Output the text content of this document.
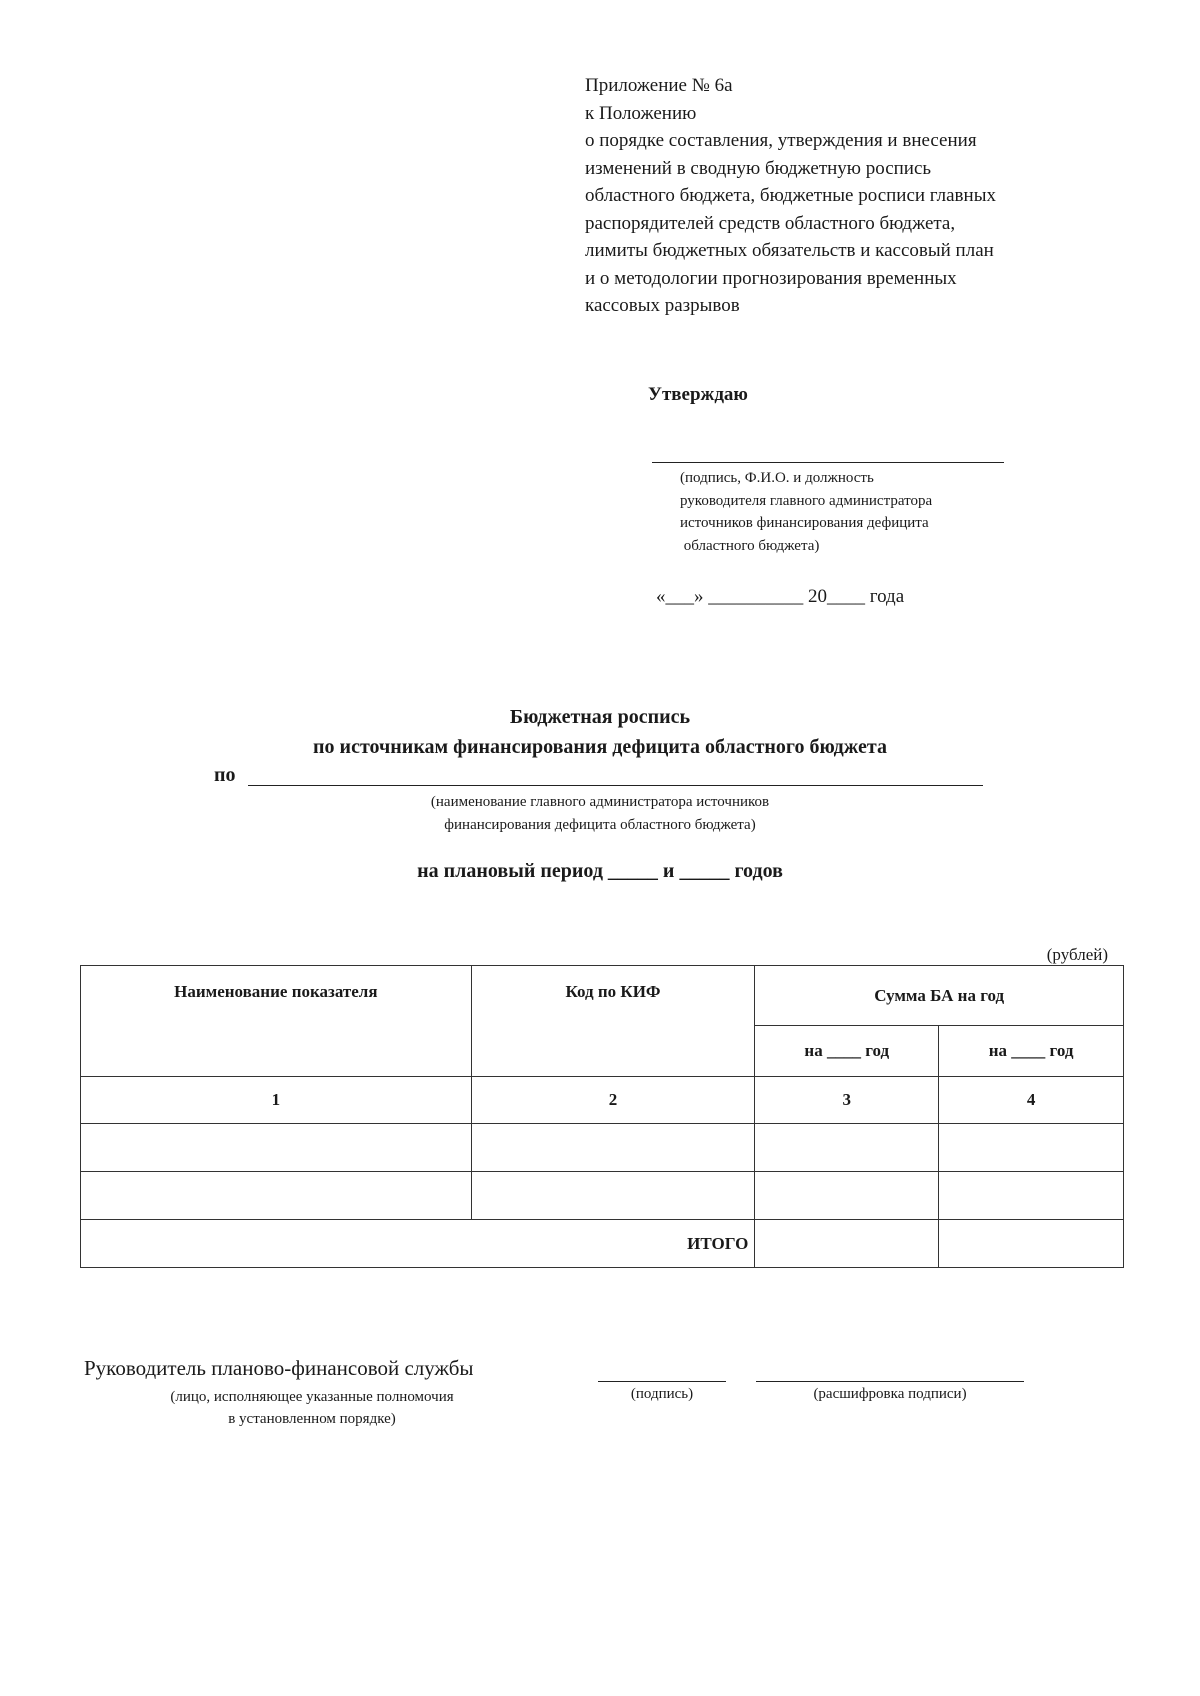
Приложение № 6а
к Положению
о порядке составления, утверждения и внесения
изменений в сводную бюджетную роспись
областного бюджета, бюджетные росписи главных
распорядителей средств областного бюджета,
лимиты бюджетных обязательств и кассовый план
и о методологии прогнозирования временных
кассовых разрывов
Утверждаю
(подпись, Ф.И.О. и должность
руководителя главного администратора
источников финансирования дефицита
областного бюджета)
«___» __________ 20____ года
Бюджетная роспись
по источникам финансирования дефицита областного бюджета
по
(наименование главного администратора источников
финансирования дефицита областного бюджета)
на плановый период _____ и _____ годов
(рублей)
Наименование показателя	Код по КИФ	Сумма БА на год	
		на ____ год	на ____ год
1	2	3	4

ИТОГО			
Руководитель планово-финансовой службы
(лицо, исполняющее указанные полномочия
в установленном порядке)
(подпись)	(расшифровка подписи)
